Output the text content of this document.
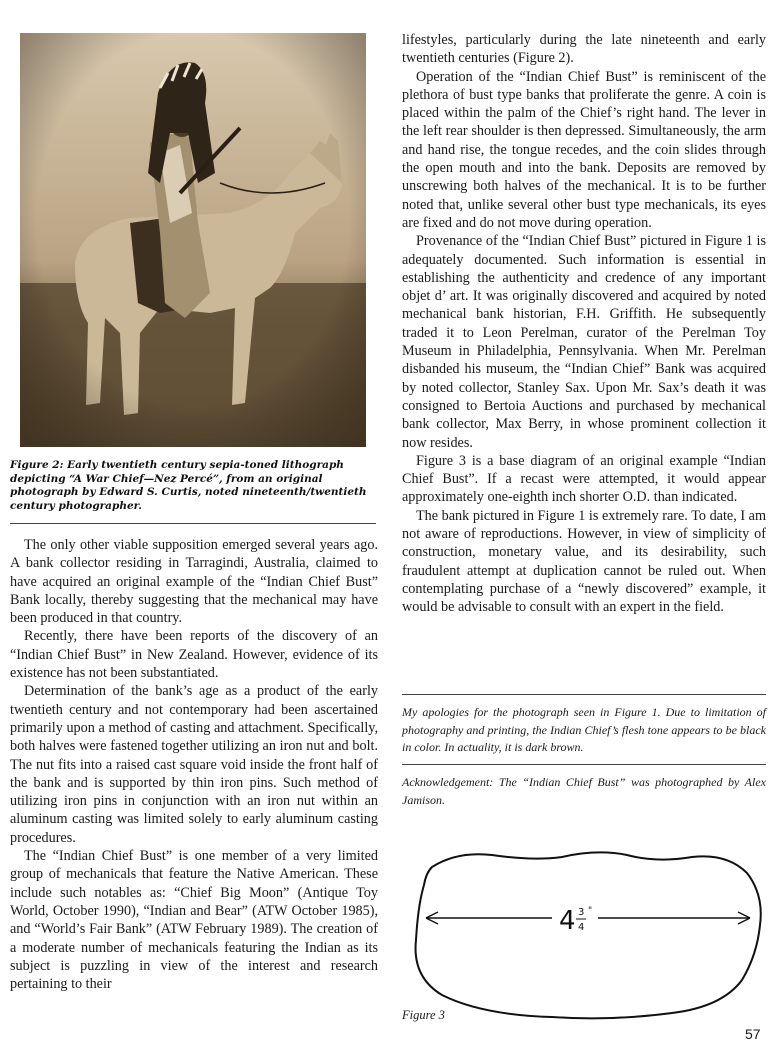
Figure 2: Early twentieth century sepia-toned lithograph depicting “A War Chief—Nez Percé”, from an original photograph by Edward S. Curtis, noted nineteenth/twentieth century photographer.

The only other viable supposition emerged several years ago. A bank collector residing in Tarragindi, Australia, claimed to have acquired an original example of the “Indian Chief Bust” Bank locally, thereby suggesting that the mechanical may have been produced in that country.

Recently, there have been reports of the discovery of an “Indian Chief Bust” in New Zealand. However, evidence of its existence has not been substantiated.

Determination of the bank’s age as a product of the early twentieth century and not contemporary had been ascertained primarily upon a method of casting and attachment. Specifically, both halves were fastened together utilizing an iron nut and bolt. The nut fits into a raised cast square void inside the front half of the bank and is supported by thin iron pins. Such method of utilizing iron pins in conjunction with an iron nut within an aluminum casting was limited solely to early aluminum casting procedures.

The “Indian Chief Bust” is one member of a very limited group of mechanicals that feature the Native American. These include such notables as: “Chief Big Moon” (Antique Toy World, October 1990), “Indian and Bear” (ATW October 1985), and “World’s Fair Bank” (ATW February 1989). The creation of a moderate number of mechanicals featuring the Indian as its subject is puzzling in view of the interest and research pertaining to their

lifestyles, particularly during the late nineteenth and early twentieth centuries (Figure 2).

Operation of the “Indian Chief Bust” is reminiscent of the plethora of bust type banks that proliferate the genre. A coin is placed within the palm of the Chief’s right hand. The lever in the left rear shoulder is then depressed. Simultaneously, the arm and hand rise, the tongue recedes, and the coin slides through the open mouth and into the bank. Deposits are removed by unscrewing both halves of the mechanical. It is to be further noted that, unlike several other bust type mechanicals, its eyes are fixed and do not move during operation.

Provenance of the “Indian Chief Bust” pictured in Figure 1 is adequately documented. Such information is essential in establishing the authenticity and credence of any important objet d’ art. It was originally discovered and acquired by noted mechanical bank historian, F.H. Griffith. He subsequently traded it to Leon Perelman, curator of the Perelman Toy Museum in Philadelphia, Pennsylvania. When Mr. Perelman disbanded his museum, the “Indian Chief” Bank was acquired by noted collector, Stanley Sax. Upon Mr. Sax’s death it was consigned to Bertoia Auctions and purchased by mechanical bank collector, Max Berry, in whose prominent collection it now resides.

Figure 3 is a base diagram of an original example “Indian Chief Bust”. If a recast were attempted, it would appear approximately one-eighth inch shorter O.D. than indicated.

The bank pictured in Figure 1 is extremely rare. To date, I am not aware of reproductions. However, in view of simplicity of construction, monetary value, and its desirability, such fraudulent attempt at duplication cannot be ruled out. When contemplating purchase of a “newly discovered” example, it would be advisable to consult with an expert in the field.

My apologies for the photograph seen in Figure 1. Due to limitation of photography and printing, the Indian Chief’s flesh tone appears to be black in color. In actuality, it is dark brown.
Acknowledgement: The “Indian Chief Bust” was photographed by Alex Jamison.
4 3
4
"
Figure 3
57
